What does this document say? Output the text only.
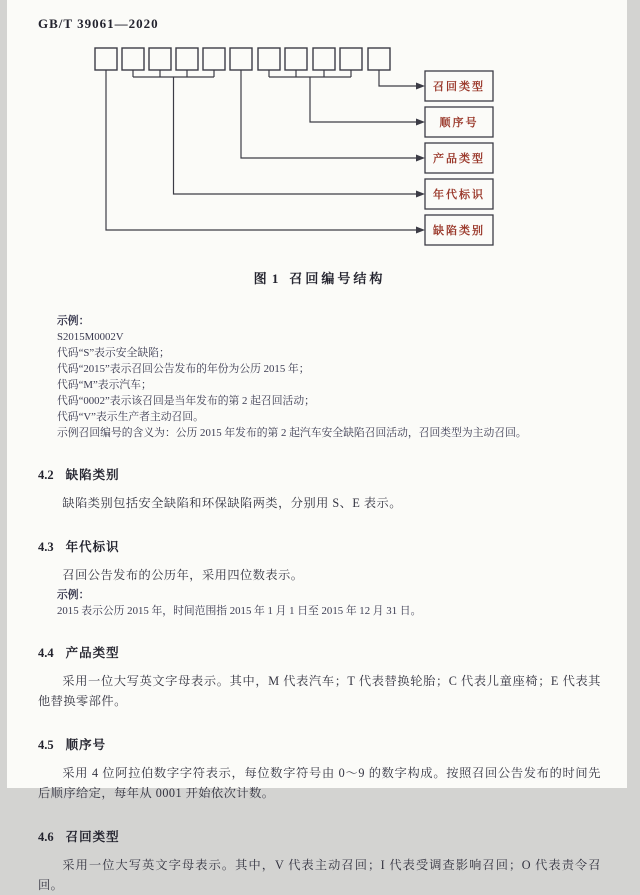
GB/T 39061—2020
召回类型
顺序号
产品类型
年代标识
缺陷类别
图 1 召回编号结构
示例：
S2015M0002V
代码“S”表示安全缺陷；
代码“2015”表示召回公告发布的年份为公历 2015 年；
代码“M”表示汽车；
代码“0002”表示该召回是当年发布的第 2 起召回活动；
代码“V”表示生产者主动召回。
示例召回编号的含义为：公历 2015 年发布的第 2 起汽车安全缺陷召回活动，召回类型为主动召回。
4.2 缺陷类别

缺陷类别包括安全缺陷和环保缺陷两类，分别用 S、E 表示。

4.3 年代标识

召回公告发布的公历年，采用四位数表示。

示例：
2015 表示公历 2015 年，时间范围指 2015 年 1 月 1 日至 2015 年 12 月 31 日。
4.4 产品类型

采用一位大写英文字母表示。其中，M 代表汽车；T 代表替换轮胎；C 代表儿童座椅；E 代表其他替换零部件。

4.5 顺序号

采用 4 位阿拉伯数字字符表示，每位数字符号由 0～9 的数字构成。按照召回公告发布的时间先后顺序给定，每年从 0001 开始依次计数。

4.6 召回类型

采用一位大写英文字母表示。其中，V 代表主动召回；I 代表受调查影响召回；O 代表责令召回。
